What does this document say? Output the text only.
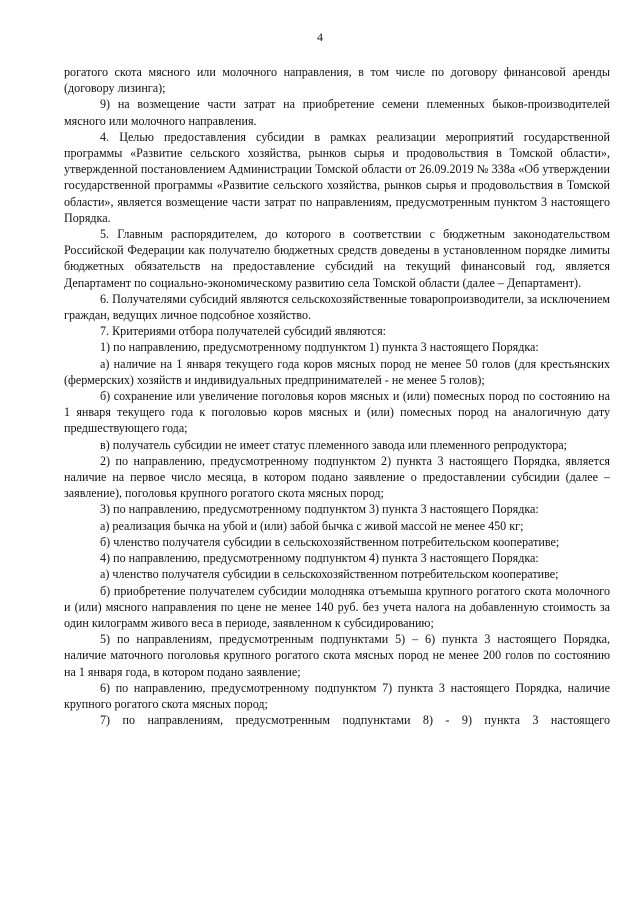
4

рогатого скота мясного или молочного направления, в том числе по договору финансовой аренды (договору лизинга);

9) на возмещение части затрат на приобретение семени племенных быков-производителей мясного или молочного направления.

4. Целью предоставления субсидии в рамках реализации мероприятий государственной программы «Развитие сельского хозяйства, рынков сырья и продовольствия в Томской области», утвержденной постановлением Администрации Томской области от 26.09.2019 № 338а «Об утверждении государственной программы «Развитие сельского хозяйства, рынков сырья и продовольствия в Томской области», является возмещение части затрат по направлениям, предусмотренным пунктом 3 настоящего Порядка.

5. Главным распорядителем, до которого в соответствии с бюджетным законодательством Российской Федерации как получателю бюджетных средств доведены в установленном порядке лимиты бюджетных обязательств на предоставление субсидий на текущий финансовый год, является Департамент по социально-экономическому развитию села Томской области (далее – Департамент).

6. Получателями субсидий являются сельскохозяйственные товаропроизводители, за исключением граждан, ведущих личное подсобное хозяйство.

7. Критериями отбора получателей субсидий являются:

1) по направлению, предусмотренному подпунктом 1) пункта 3 настоящего Порядка:

а) наличие на 1 января текущего года коров мясных пород не менее 50 голов (для крестьянских (фермерских) хозяйств и индивидуальных предпринимателей - не менее 5 голов);

б) сохранение или увеличение поголовья коров мясных и (или) помесных пород по состоянию на 1 января текущего года к поголовью коров мясных и (или) помесных пород на аналогичную дату предшествующего года;

в) получатель субсидии не имеет статус племенного завода или племенного репродуктора;

2) по направлению, предусмотренному подпунктом 2) пункта 3 настоящего Порядка, является наличие на первое число месяца, в котором подано заявление о предоставлении субсидии (далее – заявление), поголовья крупного рогатого скота мясных пород;

3) по направлению, предусмотренному подпунктом 3) пункта 3 настоящего Порядка:

а) реализация бычка на убой и (или) забой бычка с живой массой не менее 450 кг;

б) членство получателя субсидии в сельскохозяйственном потребительском кооперативе;

4) по направлению, предусмотренному подпунктом 4) пункта 3 настоящего Порядка:

а) членство получателя субсидии в сельскохозяйственном потребительском кооперативе;

б) приобретение получателем субсидии молодняка отъемыша крупного рогатого скота молочного и (или) мясного направления по цене не менее 140 руб. без учета налога на добавленную стоимость за один килограмм живого веса в периоде, заявленном к субсидированию;

5) по направлениям, предусмотренным подпунктами 5) – 6) пункта 3 настоящего Порядка, наличие маточного поголовья крупного рогатого скота мясных пород не менее 200 голов по состоянию на 1 января года, в котором подано заявление;

6) по направлению, предусмотренному подпунктом 7) пункта 3 настоящего Порядка, наличие крупного рогатого скота мясных пород;

7) по направлениям, предусмотренным подпунктами 8) - 9) пункта 3 настоящего
